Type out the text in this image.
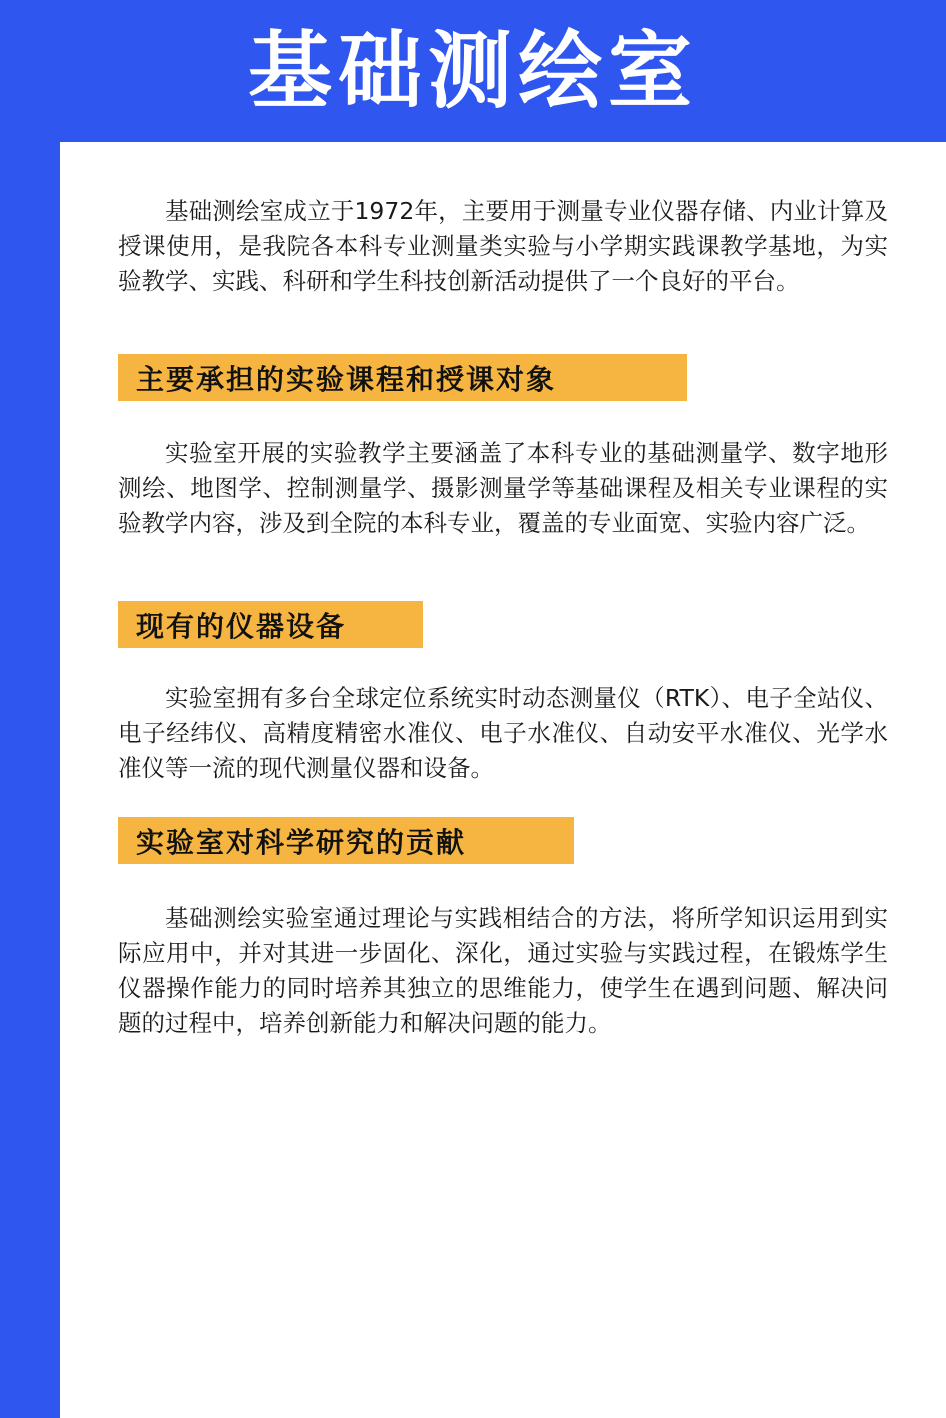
基础测绘室

基础测绘室成立于1972年，主要用于测量专业仪器存储、内业计算及授课使用，是我院各本科专业测量类实验与小学期实践课教学基地，为实验教学、实践、科研和学生科技创新活动提供了一个良好的平台。

主要承担的实验课程和授课对象

实验室开展的实验教学主要涵盖了本科专业的基础测量学、数字地形测绘、地图学、控制测量学、摄影测量学等基础课程及相关专业课程的实验教学内容，涉及到全院的本科专业，覆盖的专业面宽、实验内容广泛。

现有的仪器设备

实验室拥有多台全球定位系统实时动态测量仪（RTK）、电子全站仪、电子经纬仪、高精度精密水准仪、电子水准仪、自动安平水准仪、光学水准仪等一流的现代测量仪器和设备。

实验室对科学研究的贡献

基础测绘实验室通过理论与实践相结合的方法，将所学知识运用到实际应用中，并对其进一步固化、深化，通过实验与实践过程，在锻炼学生仪器操作能力的同时培养其独立的思维能力，使学生在遇到问题、解决问题的过程中，培养创新能力和解决问题的能力。
